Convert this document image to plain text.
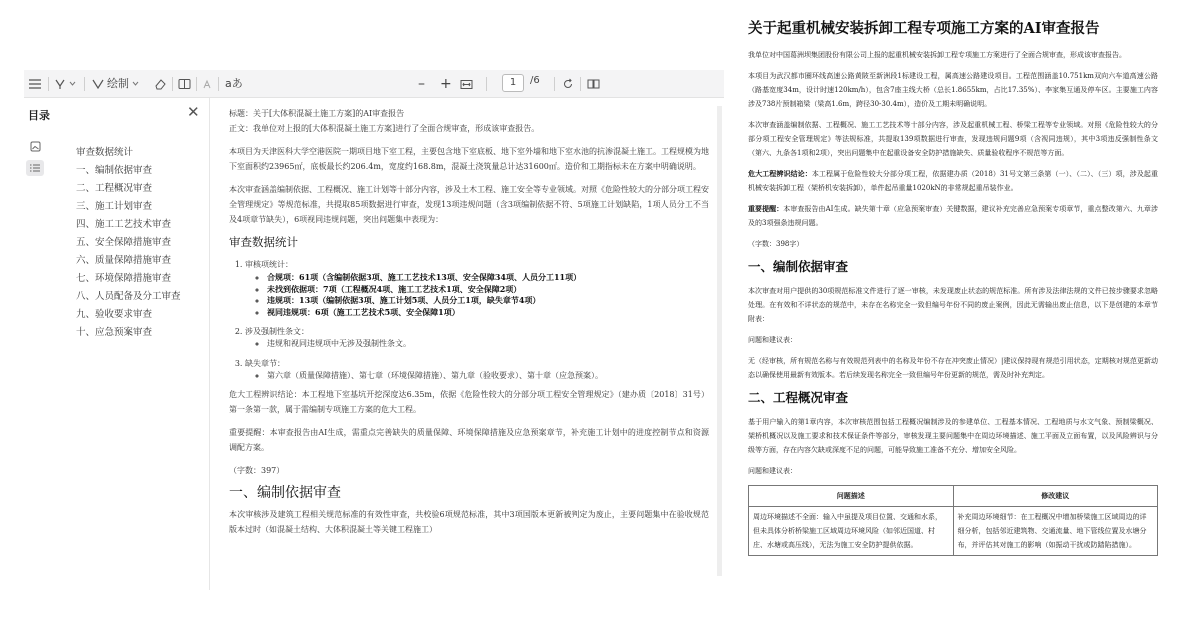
绘制	aあ	– +	1	/6
目录	✕
审查数据统计
一、编制依据审查
二、工程概况审查
三、施工计划审查
四、施工工艺技术审查
五、安全保障措施审查
六、质量保障措施审查
七、环境保障措施审查
八、人员配备及分工审查
九、验收要求审查
十、应急预案审查

标题：关于[大体积混凝土施工方案]的AI审查报告

正文：我单位对上报的[大体积混凝土施工方案]进行了全面合规审查，形成该审查报告。

本项目为天津医科大学空港医院一期项目地下室工程，主要包含地下室底板、地下室外墙和地下室水池的抗渗混凝土施工。工程规模为地下室面积约23965㎡，底板最长约206.4m，宽度约168.8m，混凝土浇筑量总计达31600㎡。造价和工期指标未在方案中明确说明。

本次审查涵盖编制依据、工程概况、施工计划等十部分内容，涉及土木工程、施工安全等专业领域。对照《危险性较大的分部分项工程安全管理规定》等规范标准，共提取85项数据进行审查，发现13项违规问题（含3项编制依据不符、5项施工计划缺陷，1项人员分工不当及4项章节缺失），6项视同违规问题，突出问题集中表现为：

审查数据统计
1. 审核项统计：
◦ 合规项：61项（含编制依据3项、施工工艺技术13项、安全保障34项、人员分工11项）
◦ 未找到依据项：7项（工程概况4项、施工工艺技术1项、安全保障2项）
◦ 违规项：13项（编制依据3项、施工计划5项、人员分工1项，缺失章节4项）
◦ 视同违规项：6项（施工工艺技术5项、安全保障1项）
2. 涉及强制性条文：
◦ 违规和视同违规项中无涉及强制性条文。
3. 缺失章节：
◦ 第六章（质量保障措施）、第七章（环境保障措施）、第九章（验收要求）、第十章（应急预案）。

危大工程辨识结论：本工程地下室基坑开挖深度达6.35m，依据《危险性较大的分部分项工程安全管理规定》（建办质〔2018〕31号）第一条第一款，属于需编制专项施工方案的危大工程。

重要提醒：本审查报告由AI生成，需重点完善缺失的质量保障、环境保障措施及应急预案章节，补充施工计划中的进度控制节点和资源调配方案。

（字数：397）

一、编制依据审查

本次审核涉及建筑工程相关规范标准的有效性审查，共校验6项规范标准，其中3项国版本更新被判定为废止，主要问题集中在验收规范版本过时（如混凝土结构、大体积混凝土等关键工程施工）

关于起重机械安装拆卸工程专项施工方案的AI审查报告

我单位对中国葛洲坝集团股份有限公司上报的起重机械安装拆卸工程专项施工方案进行了全面合规审查，形成该审查报告。

本项目为武汉都市圈环线高速公路黄陂至新洲段1标建设工程，属高速公路建设项目。工程范围涵盖10.751km双向六车道高速公路（路基宽度34m，设计时速120km/h），包含7座主线大桥（总长1.8655km，占比17.35%）、李家集互通及停车区。主要施工内容涉及738片预制箱梁（梁高1.6m，跨径30-30.4m），造价及工期未明确说明。

本次审查涵盖编制依据、工程概况、施工工艺技术等十部分内容，涉及起重机械工程、桥梁工程等专业领域。对照《危险性较大的分部分项工程安全管理规定》等法规标准，共提取139项数据进行审查，发现违规问题9项（含视同违规），其中3项违反强制性条文（第六、九条各1项和2项），突出问题集中在起重设备安全防护措施缺失、质量验收程序不规范等方面。

危大工程辨识结论：本工程属于危险性较大分部分项工程，依据建办质（2018）31号文第三条第（一）、（二）、（三）项，涉及起重机械安装拆卸工程（架桥机安装拆卸），单件起吊重量1020kN的非常规起重吊装作业。

重要提醒：本审查报告由AI生成。缺失第十章（应急预案审查）关键数据，建议补充完善应急预案专项章节，重点整改第六、九章涉及的3项强条违规问题。

（字数：398字）

一、编制依据审查

本次审查对用户提供的30项规范标准文件进行了逐一审核，未发现废止状态的规范标准。所有涉及法律法规的文件已按步骤要求忽略处理。在有效和不详状态的规范中，未存在名称完全一致但编号年份不同的废止案例，因此无需输出废止信息，以下是创建的本章节附表：

问题和建议表：

无（经审核，所有规范名称与有效规范列表中的名称及年份不存在冲突废止情况）|建议保持现有规范引用状态，定期核对规范更新动态以确保使用最新有效版本。若后续发现名称完全一致但编号年份更新的规范，需及时补充判定。

二、工程概况审查

基于用户输入的第1章内容，本次审核范围包括工程概况编制涉及的参建单位、工程基本情况、工程地质与水文气象、预制梁概况、架桥机概况以及施工要求和技术保证条件等部分，审核发现主要问题集中在周边环境描述、施工平面及立面布置，以及风险辨识与分级等方面，存在内容欠缺或深度不足的问题，可能导致施工准备不充分、增加安全风险。

问题和建议表：

问题描述	修改建议
周边环境描述不全面：输入中虽提及项目位置、交通和水系，但未具体分析桥梁施工区域周边环境风险（如邻近国道、村庄、水塘或高压线），无法为施工安全防护提供依据。	补充周边环境细节：在工程概况中增加桥梁施工区域周边的详细分析，包括邻近建筑物、交通流量、地下管线位置及水塘分布，并评估其对施工的影响（如振动干扰或防踏陷措施）。
